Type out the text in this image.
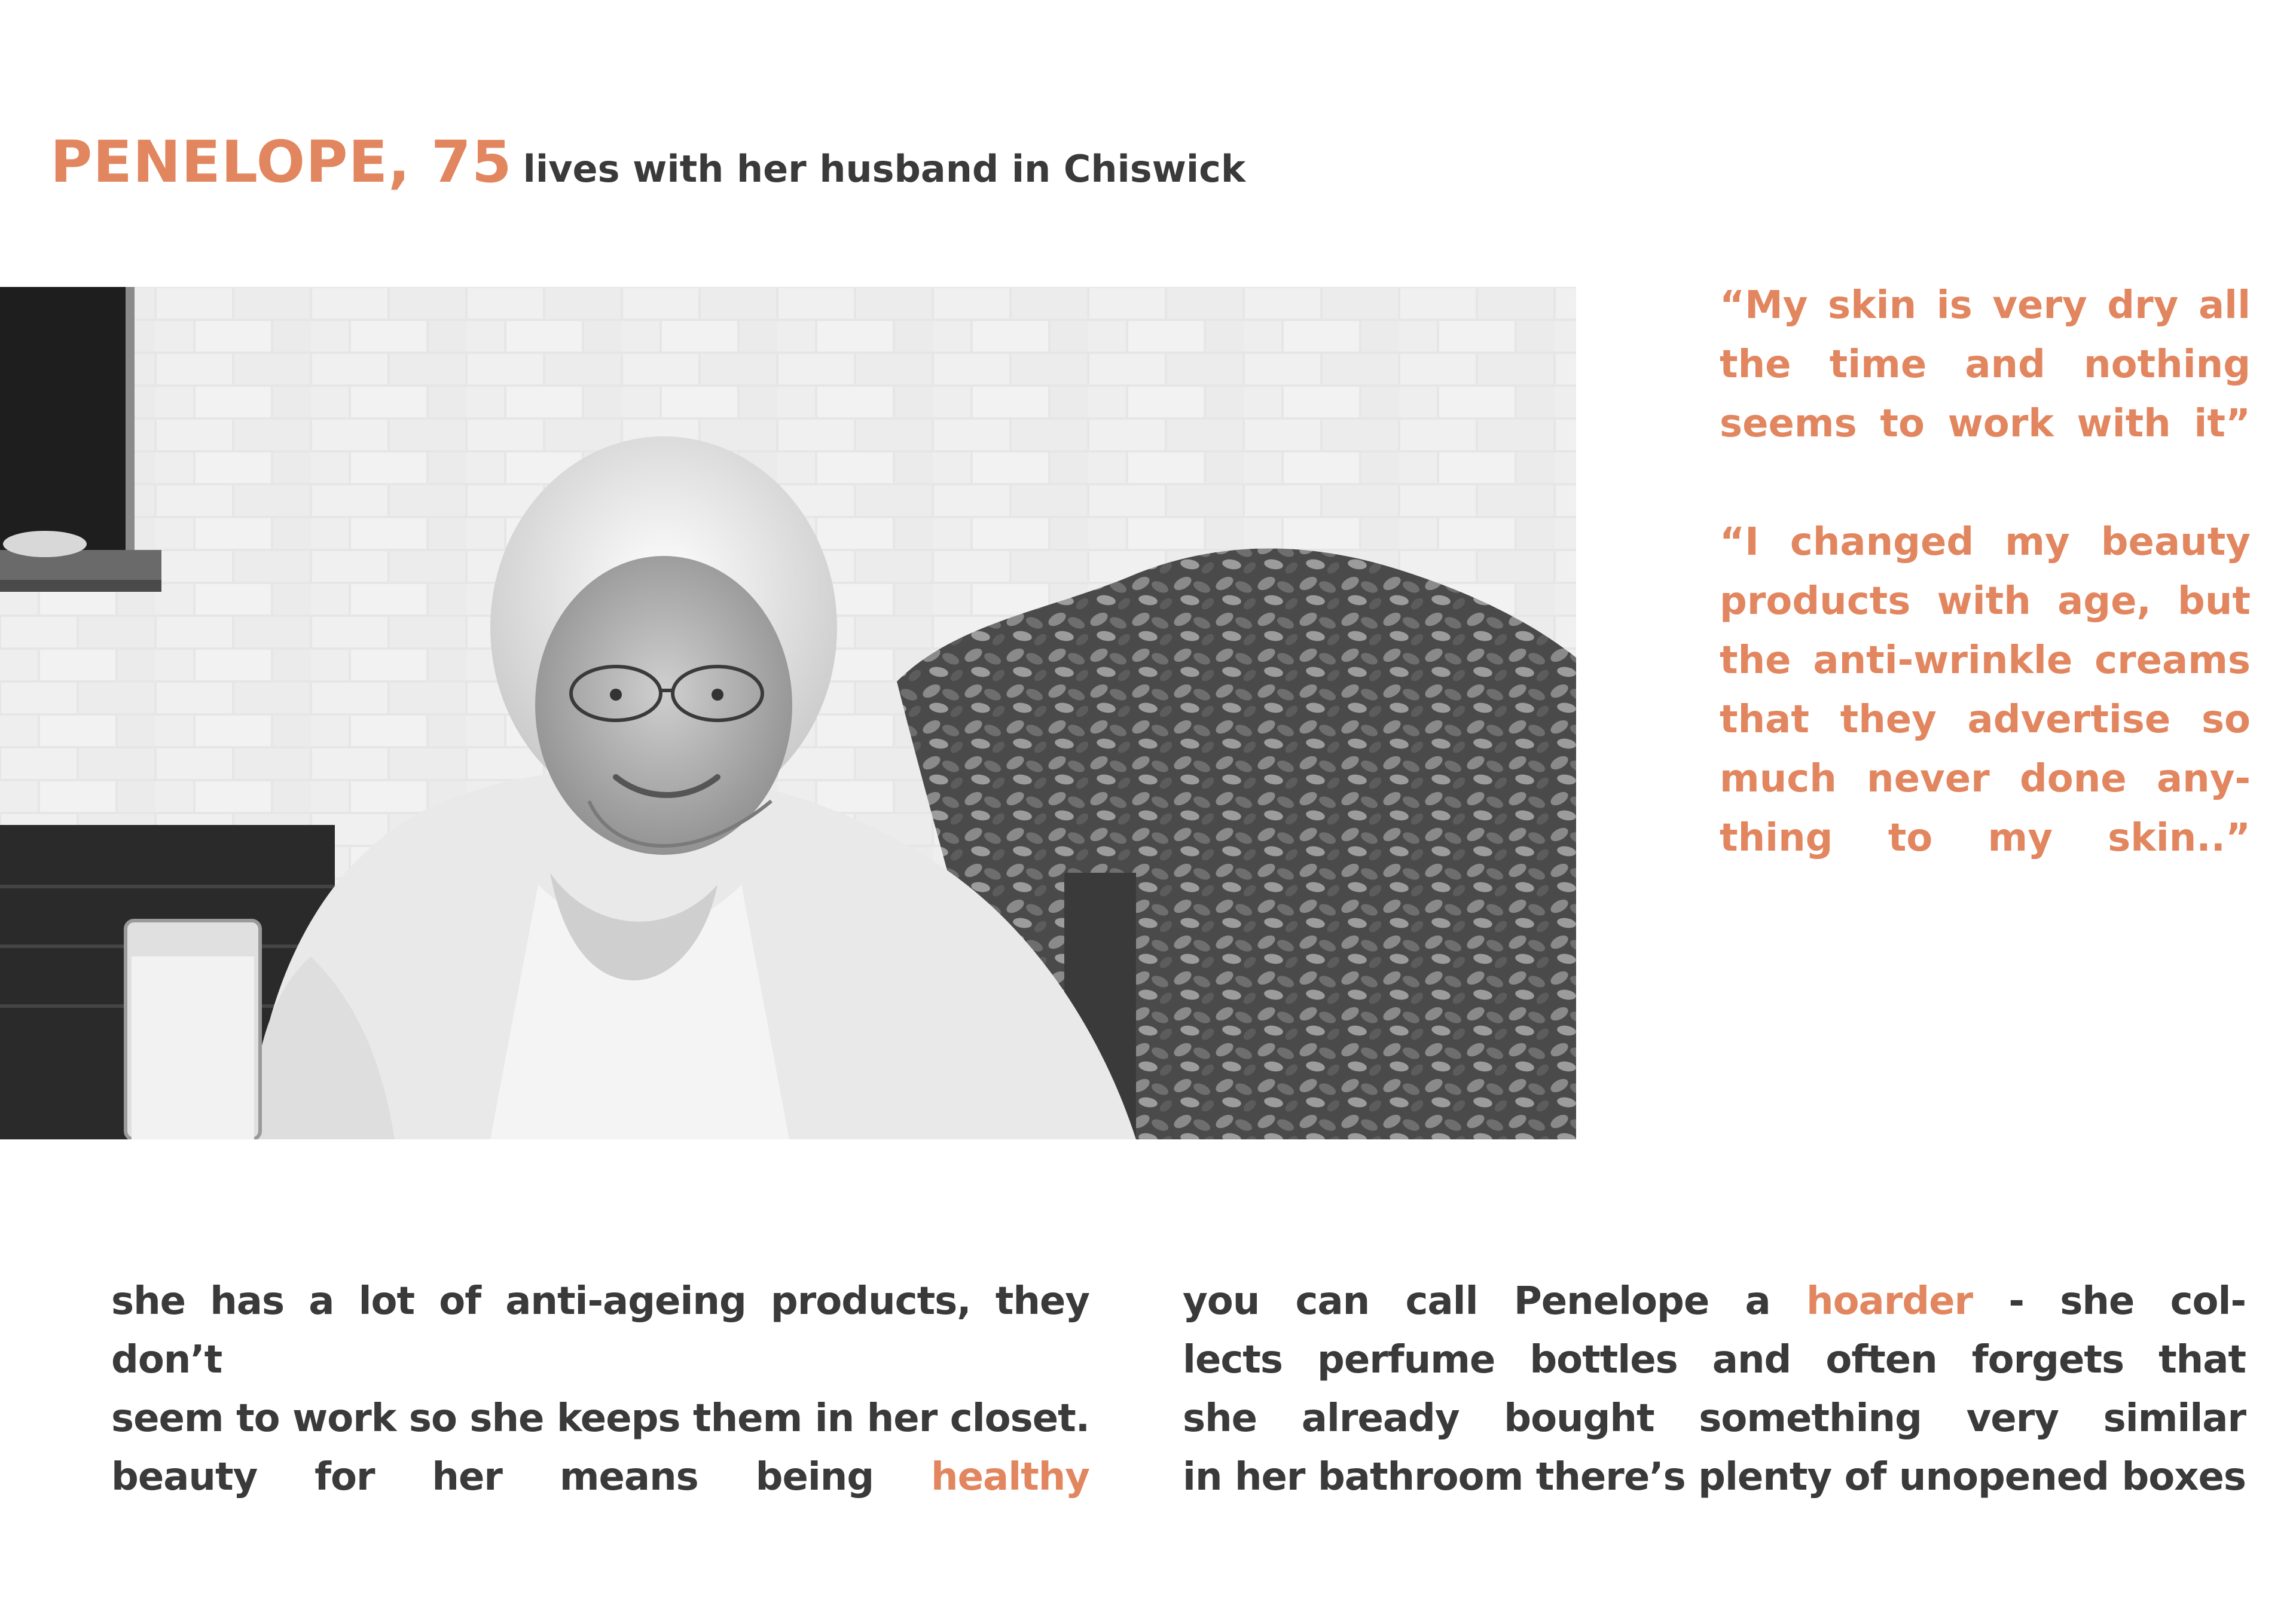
PENELOPE, 75 lives with her husband in Chiswick

“My skin is very dry all the time and nothing seems to work with it”

“I changed my beauty products with age, but the anti-wrinkle creams that they advertise so much never done any-thing to my skin..”

she has a lot of anti-ageing products, they don’t
seem to work so she keeps them in her closet.
beauty for her means being healthy
you can call Penelope a hoarder - she col-
lects perfume bottles and often forgets that
she already bought something very similar
in her bathroom there’s plenty of unopened boxes
